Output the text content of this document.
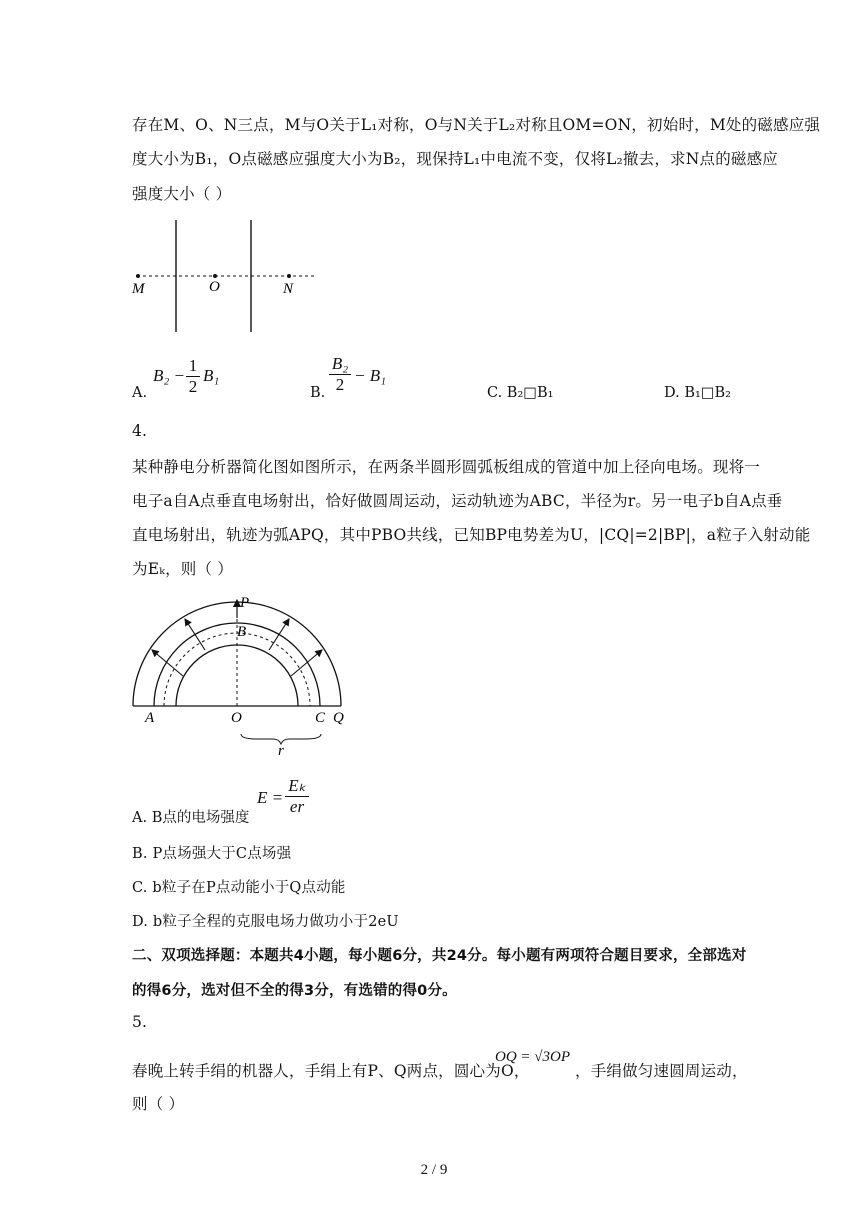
存在M、O、N三点，M与O关于L₁对称，O与N关于L₂对称且OM=ON，初始时，M处的磁感应强
度大小为B₁，O点磁感应强度大小为B₂，现保持L₁中电流不变，仅将L₂撤去，求N点的磁感应
强度大小（ ）
M	O	N
A.
$B_2 - \frac{1}{2} B_1$
B. $\frac{\text{B₂}}{2} - B_1$
C. B₂□B₁	D. B₁□B₂
4.
某种静电分析器简化图如图所示，在两条半圆形圆弧板组成的管道中加上径向电场。现将一
电子a自A点垂直电场射出，恰好做圆周运动，运动轨迹为ABC，半径为r。另一电子b自A点垂
直电场射出，轨迹为弧APQ，其中PBO共线，已知BP电势差为U，|CQ|=2|BP|，a粒子入射动能
为Eₖ，则（ ）
P
B
A	O	C Q
r
A. B点的电场强度
$E = \frac{\text{Eₖ}}{er}$
B. P点场强大于C点场强
C. b粒子在P点动能小于Q点动能
D. b粒子全程的克服电场力做功小于2eU
二、双项选择题：本题共4小题，每小题6分，共24分。每小题有两项符合题目要求，全部选对
的得6分，选对但不全的得3分，有选错的得0分。
5.
春晚上转手绢的机器人，手绢上有P、Q两点，圆心为O，
OQ = √3OP
，手绢做匀速圆周运动，
则（ ）
2 / 9
